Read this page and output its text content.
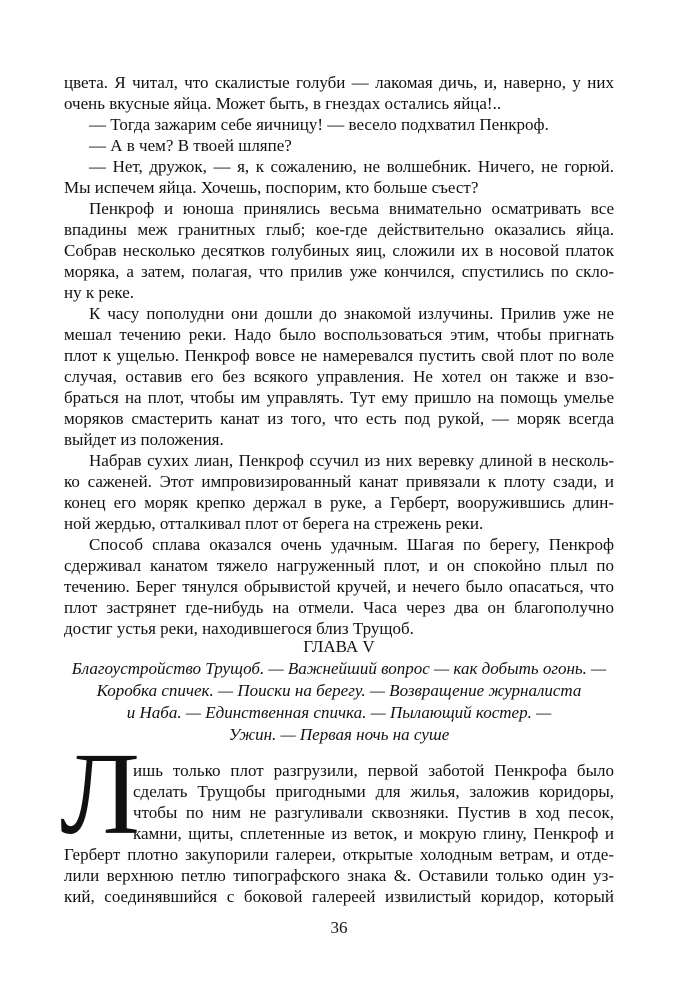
цвета. Я читал, что скалистые голуби — лакомая дичь, и, наверно, у них
очень вкусные яйца. Может быть, в гнездах остались яйца!..
— Тогда зажарим себе яичницу! — весело подхватил Пенкроф.
— А в чем? В твоей шляпе?
— Нет, дружок, — я, к сожалению, не волшебник. Ничего, не горюй.
Мы испечем яйца. Хочешь, поспорим, кто больше съест?
Пенкроф и юноша принялись весьма внимательно осматривать все
впадины меж гранитных глыб; кое-где действительно оказались яйца.
Собрав несколько десятков голубиных яиц, сложили их в носовой платок
моряка, а затем, полагая, что прилив уже кончился, спустились по скло-
ну к реке.
К часу пополудни они дошли до знакомой излучины. Прилив уже не
мешал течению реки. Надо было воспользоваться этим, чтобы пригнать
плот к ущелью. Пенкроф вовсе не намеревался пустить свой плот по воле
случая, оставив его без всякого управления. Не хотел он также и взо-
браться на плот, чтобы им управлять. Тут ему пришло на помощь умелье
моряков смастерить канат из того, что есть под рукой, — моряк всегда
выйдет из положения.
Набрав сухих лиан, Пенкроф ссучил из них веревку длиной в несколь-
ко саженей. Этот импровизированный канат привязали к плоту сзади, и
конец его моряк крепко держал в руке, а Герберт, вооружившись длин-
ной жердью, отталкивал плот от берега на стрежень реки.
Способ сплава оказался очень удачным. Шагая по берегу, Пенкроф
сдерживал канатом тяжело нагруженный плот, и он спокойно плыл по
течению. Берег тянулся обрывистой кручей, и нечего было опасаться, что
плот застрянет где-нибудь на отмели. Часа через два он благополучно
достиг устья реки, находившегося близ Трущоб.
ГЛАВА V
Благоустройство Трущоб. — Важнейший вопрос — как добыть огонь. —
Коробка спичек. — Поиски на берегу. — Возвращение журналиста
и Наба. — Единственная спичка. — Пылающий костер. —
Ужин. — Первая ночь на суше
Л
ишь только плот разгрузили, первой заботой Пенкрофа было
сделать Трущобы пригодными для жилья, заложив коридоры,
чтобы по ним не разгуливали сквозняки. Пустив в ход песок,
камни, щиты, сплетенные из веток, и мокрую глину, Пенкроф и
Герберт плотно закупорили галереи, открытые холодным ветрам, и отде-
лили верхнюю петлю типографского знака &. Оставили только один уз-
кий, соединявшийся с боковой галереей извилистый коридор, который
36
